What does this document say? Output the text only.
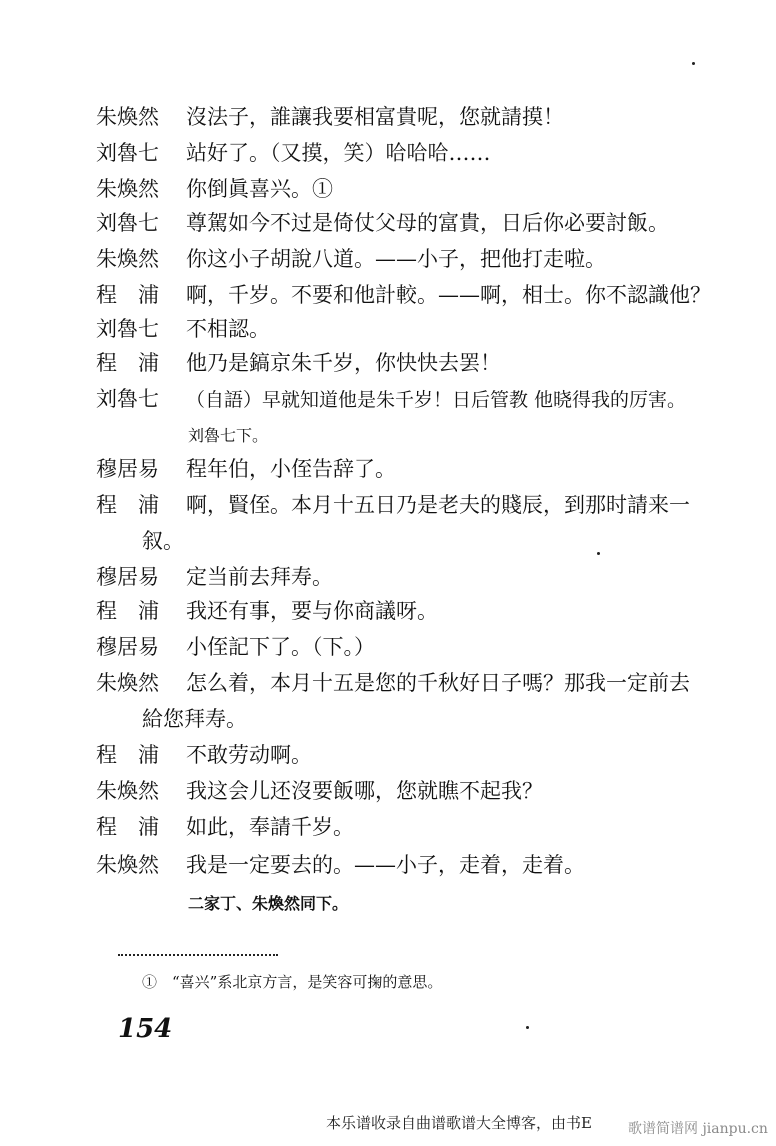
朱煥然 沒法子，誰讓我要相富貴呢，您就請摸！
刘魯七 站好了。（又摸，笑）哈哈哈……
朱煥然 你倒眞喜兴。①
刘魯七 尊駕如今不过是倚仗父母的富貴，日后你必要討飯。
朱煥然 你这小子胡說八道。——小子，把他打走啦。
程　浦 啊，千岁。不要和他計較。——啊，相士。你不認識他？
刘魯七 不相認。
程　浦 他乃是鎬京朱千岁，你快快去罢！
刘魯七 （自語）早就知道他是朱千岁！日后管教 他晓得我的厉害。
刘魯七下。
穆居易 程年伯，小侄告辞了。
程　浦 啊，賢侄。本月十五日乃是老夫的賤辰，到那时請来一
叙。
穆居易 定当前去拜寿。
程　浦 我还有事，要与你商議呀。
穆居易 小侄記下了。（下。）
朱煥然 怎么着，本月十五是您的千秋好日子嗎？那我一定前去
給您拜寿。
程　浦 不敢劳动啊。
朱煥然 我这会儿还沒要飯哪，您就瞧不起我？
程　浦 如此，奉請千岁。
朱煥然 我是一定要去的。——小子，走着，走着。
二家丁、朱煥然同下。
①　“喜兴”系北京方言，是笑容可掬的意思。
154
本乐谱收录自曲谱歌谱大全博客，由书E	歌谱简谱网 jianpu.cn
